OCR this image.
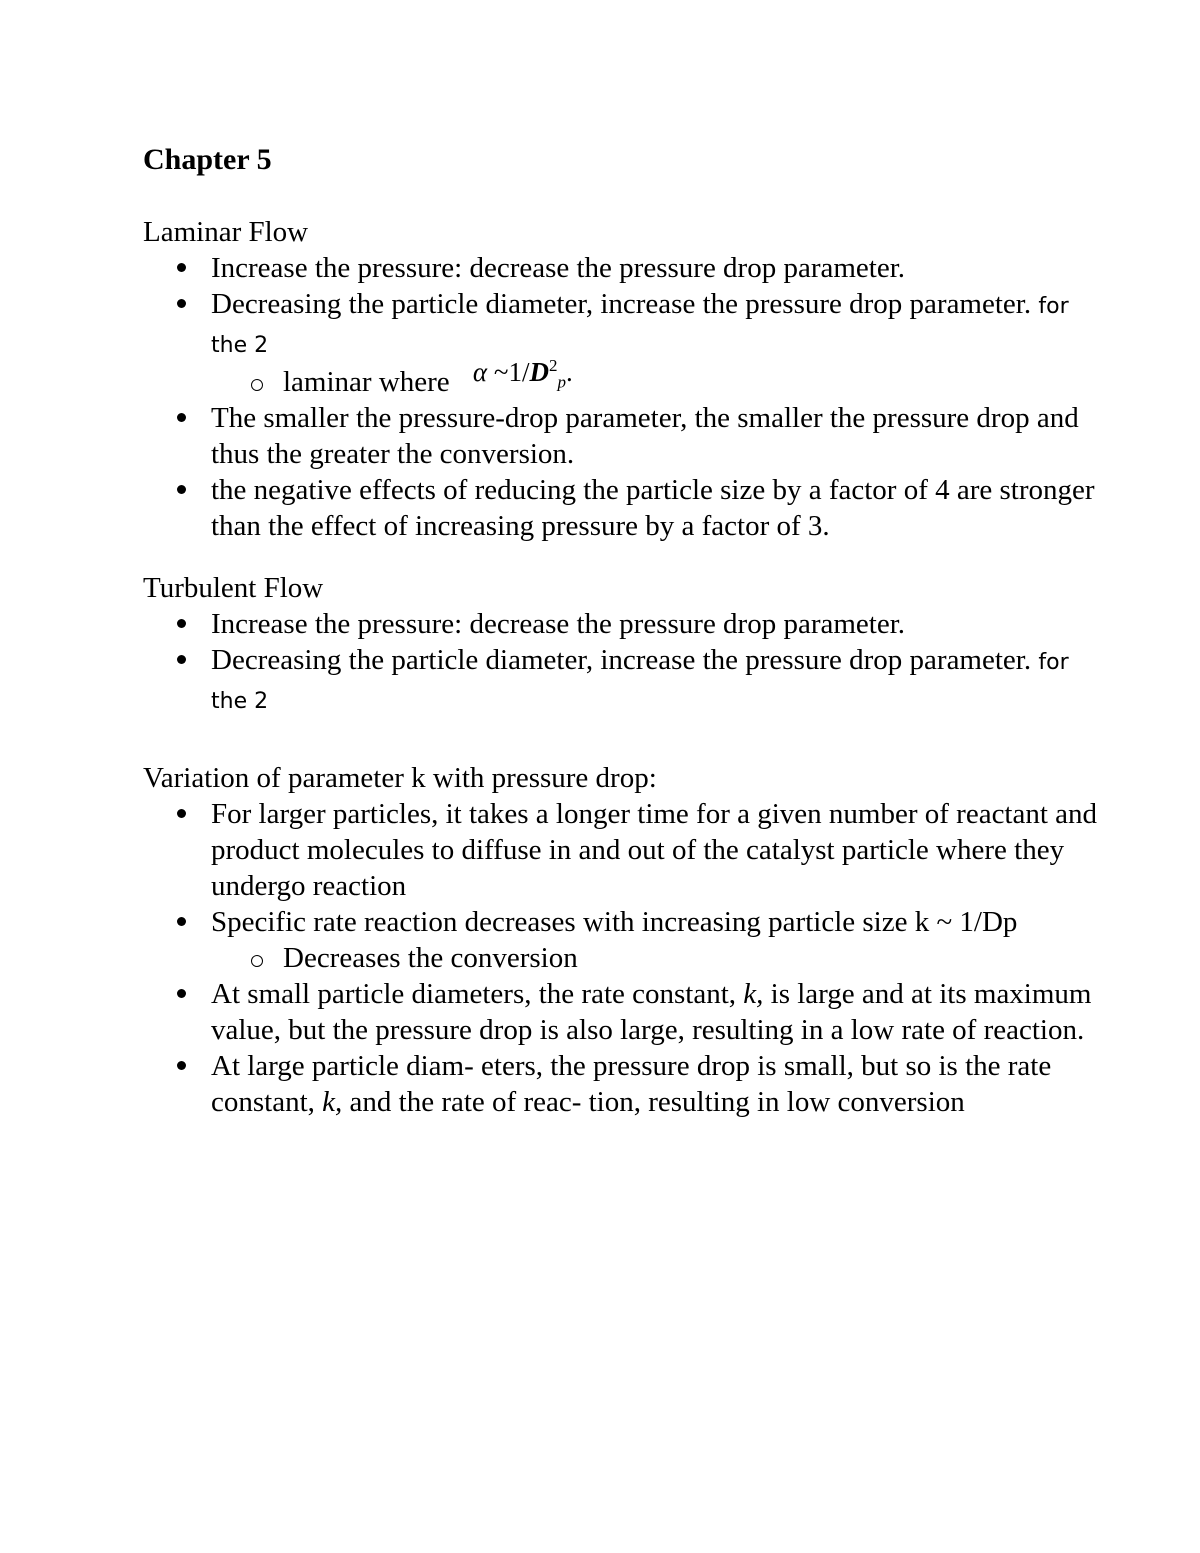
Chapter 5
Laminar Flow
Increase the pressure: decrease the pressure drop parameter.
Decreasing the particle diameter, increase the pressure drop parameter. for the 2
laminar where α $\sim 1/D^2_p$.
The smaller the pressure-drop parameter, the smaller the pressure drop and thus the greater the conversion.
the negative effects of reducing the particle size by a factor of 4 are stronger than the effect of increasing pressure by a factor of 3.
Turbulent Flow
Increase the pressure: decrease the pressure drop parameter.
Decreasing the particle diameter, increase the pressure drop parameter. for the 2
Variation of parameter k with pressure drop:
For larger particles, it takes a longer time for a given number of reactant and product molecules to diffuse in and out of the catalyst particle where they undergo reaction
Specific rate reaction decreases with increasing particle size k ~ 1/Dp
Decreases the conversion
At small particle diameters, the rate constant, k, is large and at its maximum value, but the pressure drop is also large, resulting in a low rate of reaction.
At large particle diam- eters, the pressure drop is small, but so is the rate constant, k, and the rate of reac- tion, resulting in low conversion
